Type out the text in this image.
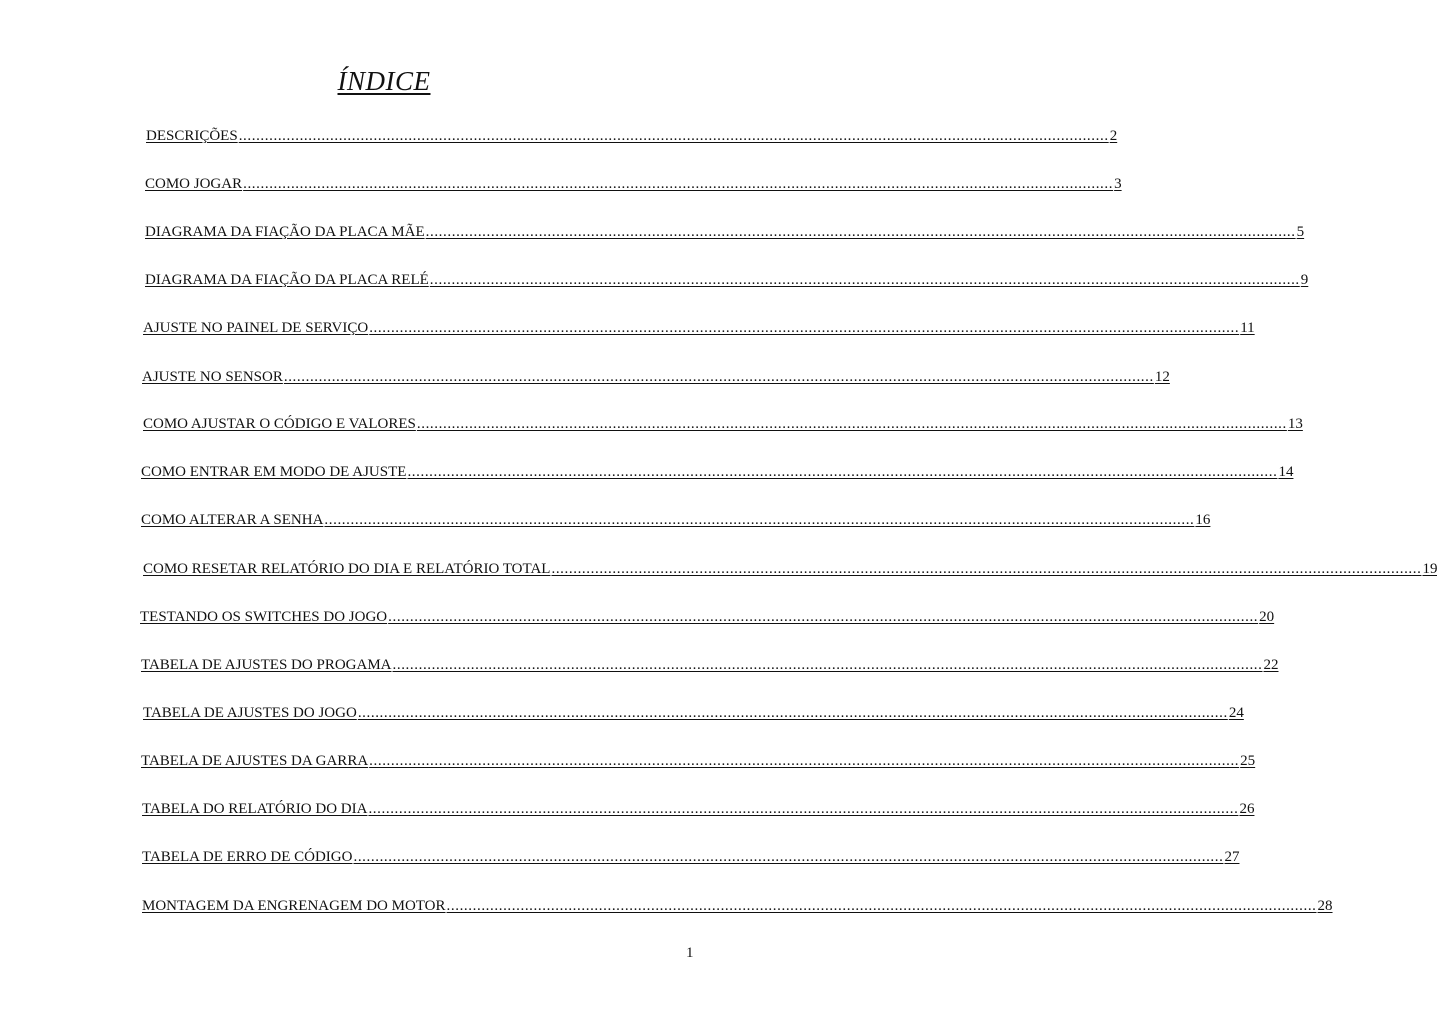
ÍNDICE
DESCRIÇÕES ........................................................................................................................................................................................................ 2
COMO JOGAR ........................................................................................................................................................................................................ 3
DIAGRAMA DA FIAÇÃO DA PLACA MÃE ........................................................................................................................................................................................................ 5
DIAGRAMA DA FIAÇÃO DA PLACA RELÉ ........................................................................................................................................................................................................ 9
AJUSTE NO PAINEL DE SERVIÇO ........................................................................................................................................................................................................ 11
AJUSTE NO SENSOR ........................................................................................................................................................................................................ 12
COMO AJUSTAR O CÓDIGO E VALORES ........................................................................................................................................................................................................ 13
COMO ENTRAR EM MODO DE AJUSTE ........................................................................................................................................................................................................ 14
COMO ALTERAR A SENHA ........................................................................................................................................................................................................ 16
COMO RESETAR RELATÓRIO DO DIA E RELATÓRIO TOTAL ........................................................................................................................................................................................................ 19
TESTANDO OS SWITCHES DO JOGO ........................................................................................................................................................................................................ 20
TABELA DE AJUSTES DO PROGAMA ........................................................................................................................................................................................................ 22
TABELA DE AJUSTES DO JOGO ........................................................................................................................................................................................................ 24
TABELA DE AJUSTES DA GARRA ........................................................................................................................................................................................................ 25
TABELA DO RELATÓRIO DO DIA ........................................................................................................................................................................................................ 26
TABELA DE ERRO DE CÓDIGO ........................................................................................................................................................................................................ 27
MONTAGEM DA ENGRENAGEM DO MOTOR ........................................................................................................................................................................................................ 28
1
